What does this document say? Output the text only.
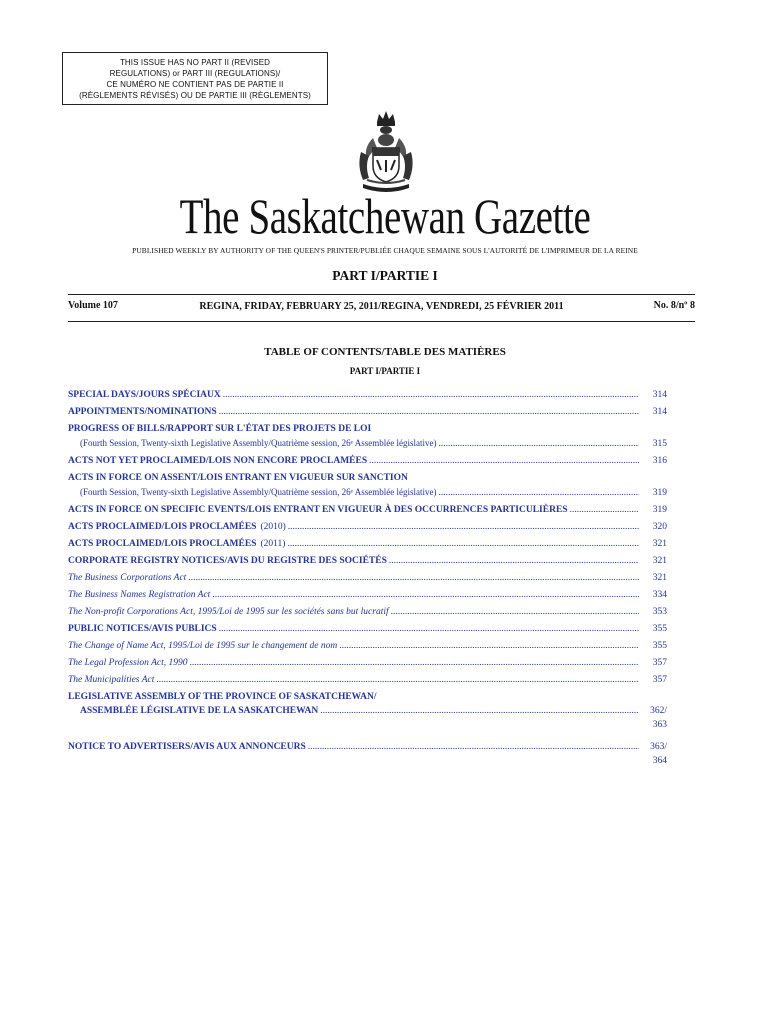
THIS ISSUE HAS NO PART II (REVISED
REGULATIONS) or PART III (REGULATIONS)/
CE NUMÉRO NE CONTIENT PAS DE PARTIE II
(RÈGLEMENTS RÉVISÉS) OU DE PARTIE III (RÈGLEMENTS)
The Saskatchewan Gazette
PUBLISHED WEEKLY BY AUTHORITY OF THE QUEEN'S PRINTER/PUBLIÉE CHAQUE SEMAINE SOUS L'AUTORITÉ DE L'IMPRIMEUR DE LA REINE
PART I/PARTIE I
Volume 107	REGINA, FRIDAY, FEBRUARY 25, 2011/REGINA, VENDREDI, 25 FÉVRIER 2011	No. 8/nº 8
TABLE OF CONTENTS/TABLE DES MATIÈRES
PART I/PARTIE I
SPECIAL DAYS/JOURS SPÉCIAUX .....	314
APPOINTMENTS/NOMINATIONS .....	314
PROGRESS OF BILLS/RAPPORT SUR L'ÉTAT DES PROJETS DE LOI
(Fourth Session, Twenty-sixth Legislative Assembly/Quatrième session, 26ᵉ Assemblée législative) .....	315
ACTS NOT YET PROCLAIMED/LOIS NON ENCORE PROCLAMÉES .....	316
ACTS IN FORCE ON ASSENT/LOIS ENTRANT EN VIGUEUR SUR SANCTION
(Fourth Session, Twenty-sixth Legislative Assembly/Quatrième session, 26ᵉ Assemblée législative) .....	319
ACTS IN FORCE ON SPECIFIC EVENTS/LOIS ENTRANT EN VIGUEUR À DES OCCURRENCES PARTICULIÈRES .....	319
ACTS PROCLAIMED/LOIS PROCLAMÉES (2010) .....	320
ACTS PROCLAIMED/LOIS PROCLAMÉES (2011) .....	321
CORPORATE REGISTRY NOTICES/AVIS DU REGISTRE DES SOCIÉTÉS .....	321
The Business Corporations Act .....	321
The Business Names Registration Act .....	334
The Non-profit Corporations Act, 1995/Loi de 1995 sur les sociétés sans but lucratif .....	353
PUBLIC NOTICES/AVIS PUBLICS .....	355
The Change of Name Act, 1995/Loi de 1995 sur le changement de nom .....	355
The Legal Profession Act, 1990 .....	357
The Municipalities Act .....	357
LEGISLATIVE ASSEMBLY OF THE PROVINCE OF SASKATCHEWAN/
ASSEMBLÉE LÉGISLATIVE DE LA SASKATCHEWAN .....	362/
363
NOTICE TO ADVERTISERS/AVIS AUX ANNONCEURS .....	363/
364
